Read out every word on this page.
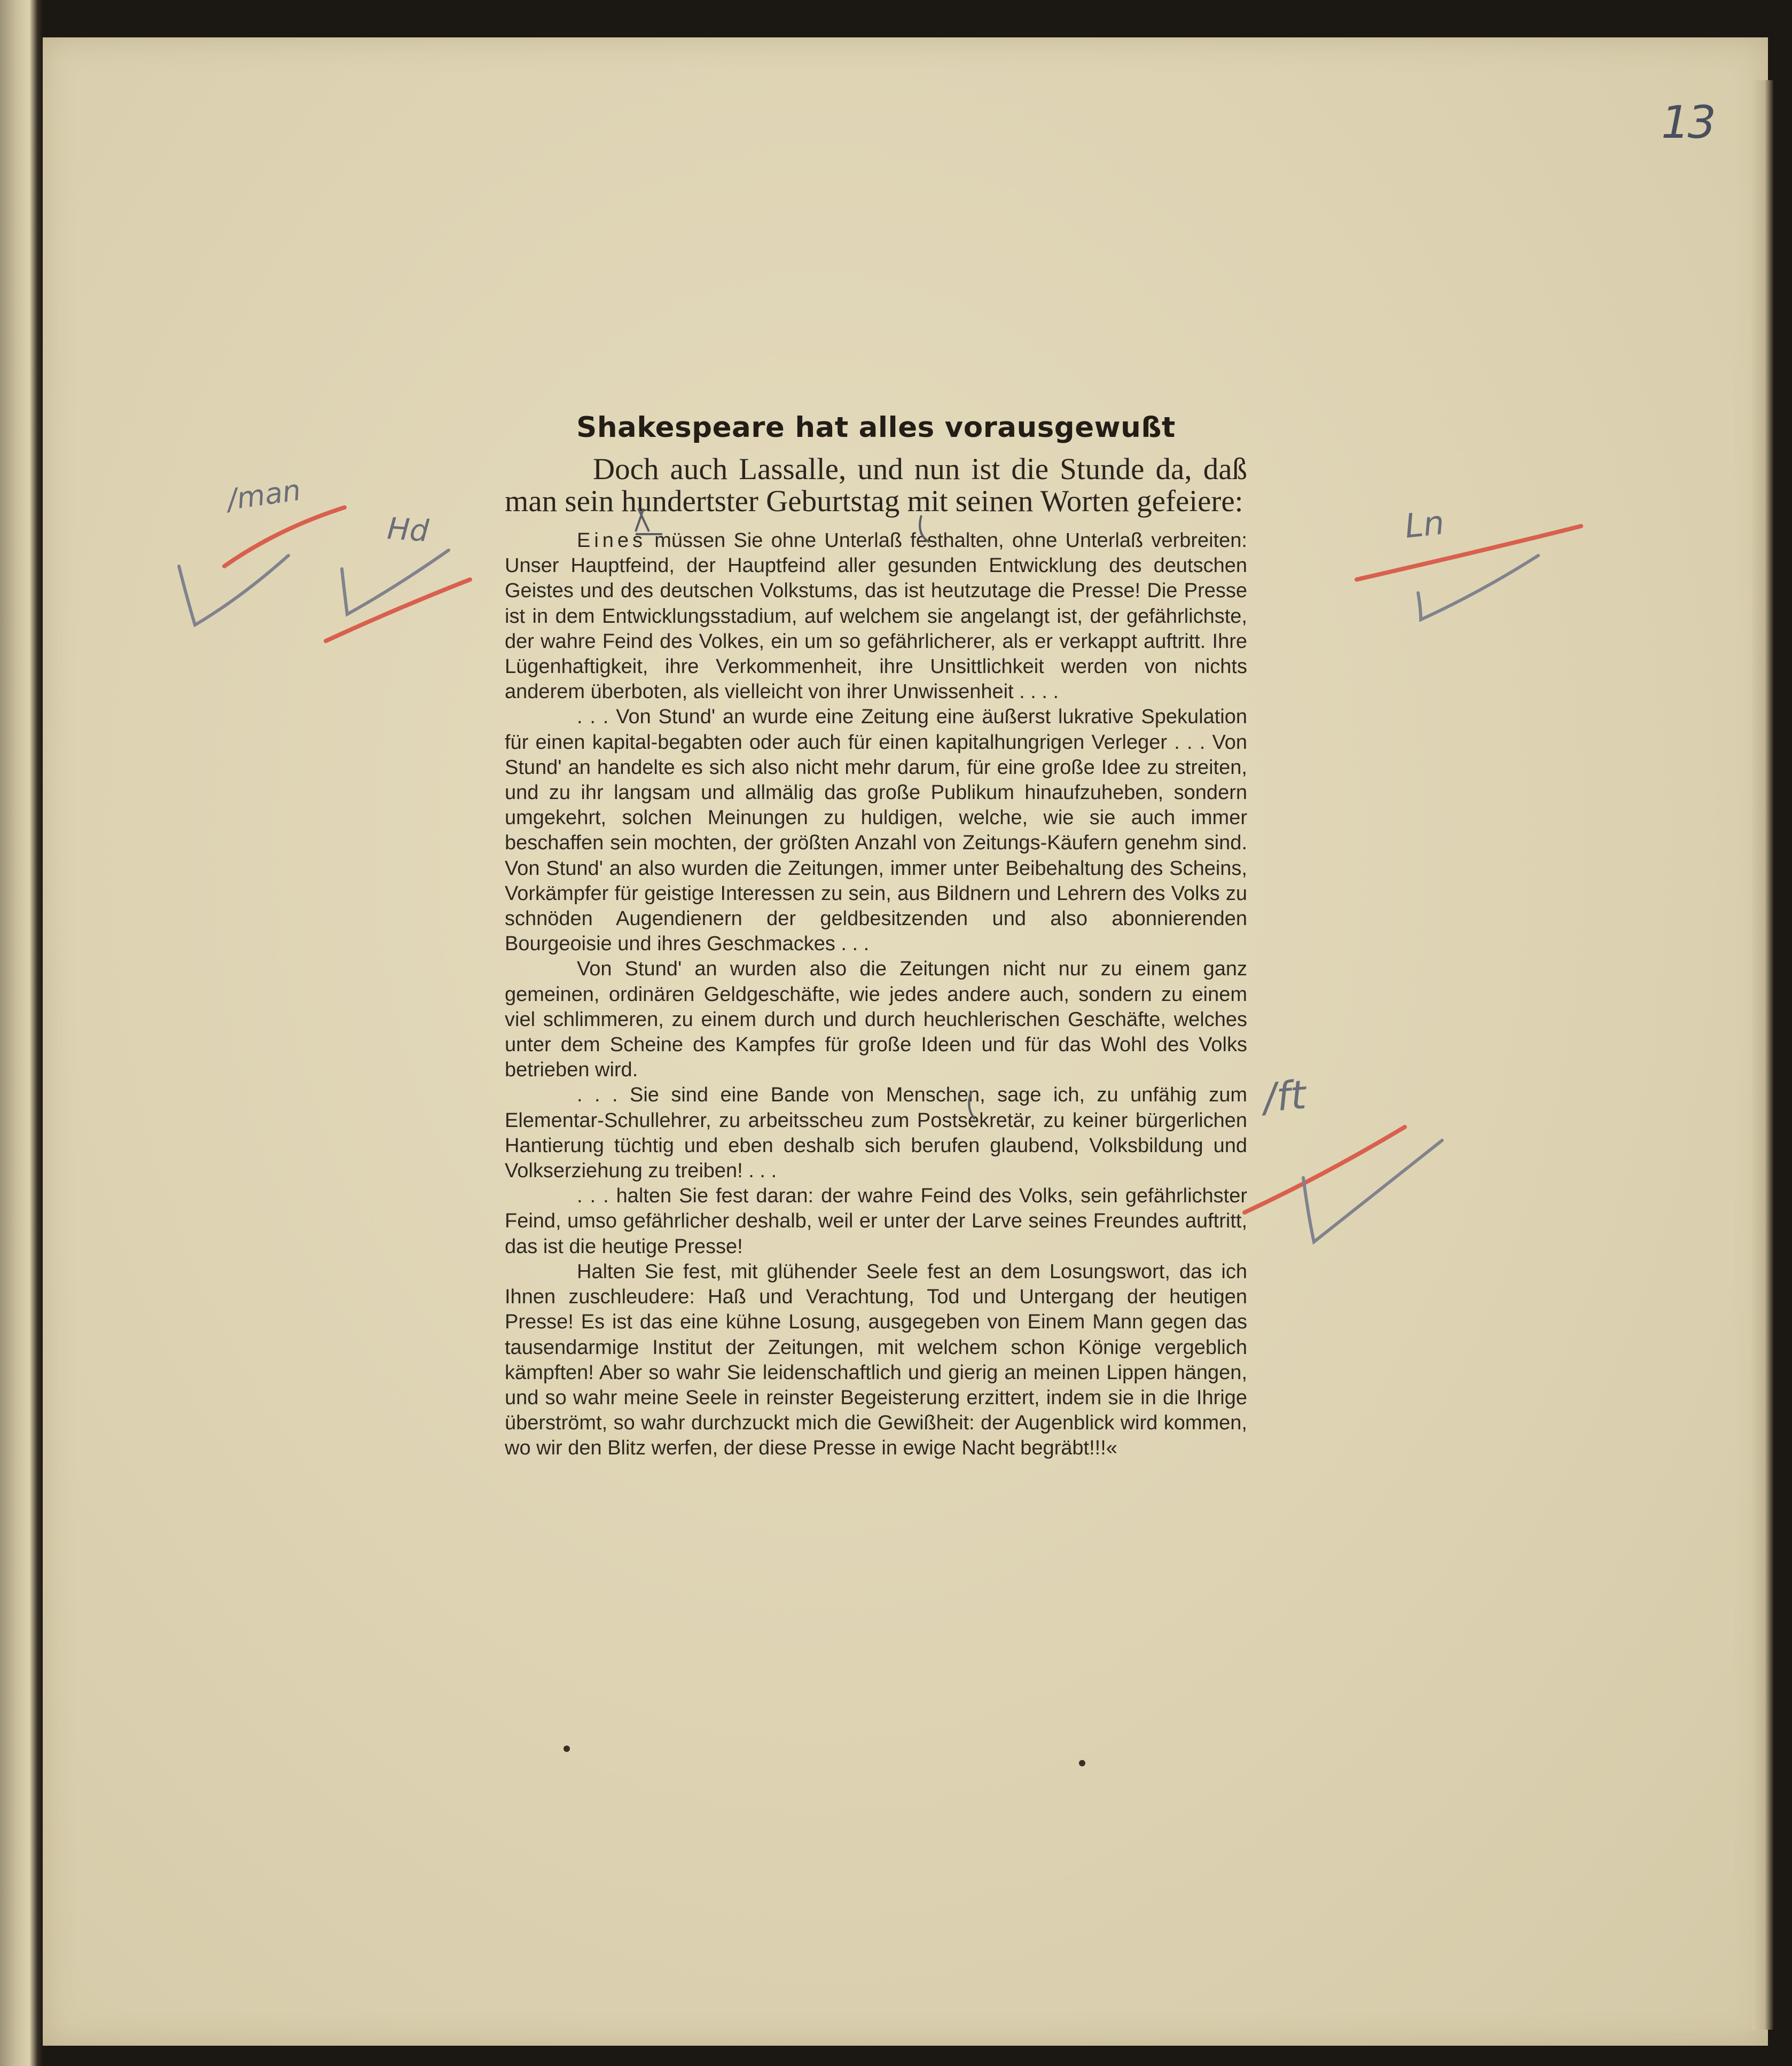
13
Shakespeare hat alles vorausgewußt

Doch auch Lassalle, und nun ist die Stunde da, daß man sein hundertster Geburtstag mit seinen Worten gefeiere:

Eines müssen Sie ohne Unterlaß festhalten, ohne Unterlaß verbreiten: Unser Hauptfeind, der Hauptfeind aller gesunden Entwicklung des deutschen Geistes und des deutschen Volkstums, das ist heutzutage die Presse! Die Presse ist in dem Entwicklungsstadium, auf welchem sie angelangt ist, der gefährlichste, der wahre Feind des Volkes, ein um so gefährlicherer, als er verkappt auftritt. Ihre Lügenhaftigkeit, ihre Verkommenheit, ihre Unsittlichkeit werden von nichts anderem überboten, als vielleicht von ihrer Unwissenheit . . . .

. . . Von Stund' an wurde eine Zeitung eine äußerst lukrative Spekulation für einen kapital-begabten oder auch für einen kapitalhungrigen Verleger . . . Von Stund' an handelte es sich also nicht mehr darum, für eine große Idee zu streiten, und zu ihr langsam und allmälig das große Publikum hinaufzuheben, sondern umgekehrt, solchen Meinungen zu huldigen, welche, wie sie auch immer beschaffen sein mochten, der größten Anzahl von Zeitungs-Käufern genehm sind. Von Stund' an also wurden die Zeitungen, immer unter Beibehaltung des Scheins, Vorkämpfer für geistige Interessen zu sein, aus Bildnern und Lehrern des Volks zu schnöden Augendienern der geldbesitzenden und also abonnierenden Bourgeoisie und ihres Geschmackes . . .

Von Stund' an wurden also die Zeitungen nicht nur zu einem ganz gemeinen, ordinären Geldgeschäfte, wie jedes andere auch, sondern zu einem viel schlimmeren, zu einem durch und durch heuchlerischen Geschäfte, welches unter dem Scheine des Kampfes für große Ideen und für das Wohl des Volks betrieben wird.

. . . Sie sind eine Bande von Menschen, sage ich, zu unfähig zum Elementar-Schullehrer, zu arbeitsscheu zum Postsekretär, zu keiner bürgerlichen Hantierung tüchtig und eben deshalb sich berufen glaubend, Volksbildung und Volkserziehung zu treiben! . . .

. . . halten Sie fest daran: der wahre Feind des Volks, sein gefährlichster Feind, umso gefährlicher deshalb, weil er unter der Larve seines Freundes auftritt, das ist die heutige Presse!

Halten Sie fest, mit glühender Seele fest an dem Losungswort, das ich Ihnen zuschleudere: Haß und Verachtung, Tod und Untergang der heutigen Presse! Es ist das eine kühne Losung, ausgegeben von Einem Mann gegen das tausendarmige Institut der Zeitungen, mit welchem schon Könige vergeblich kämpften! Aber so wahr Sie leidenschaftlich und gierig an meinen Lippen hängen, und so wahr meine Seele in reinster Begeisterung erzittert, indem sie in die Ihrige überströmt, so wahr durchzuckt mich die Gewißheit: der Augenblick wird kommen, wo wir den Blitz werfen, der diese Presse in ewige Nacht begräbt!!!«

/man
Hd	Ln
/ft
